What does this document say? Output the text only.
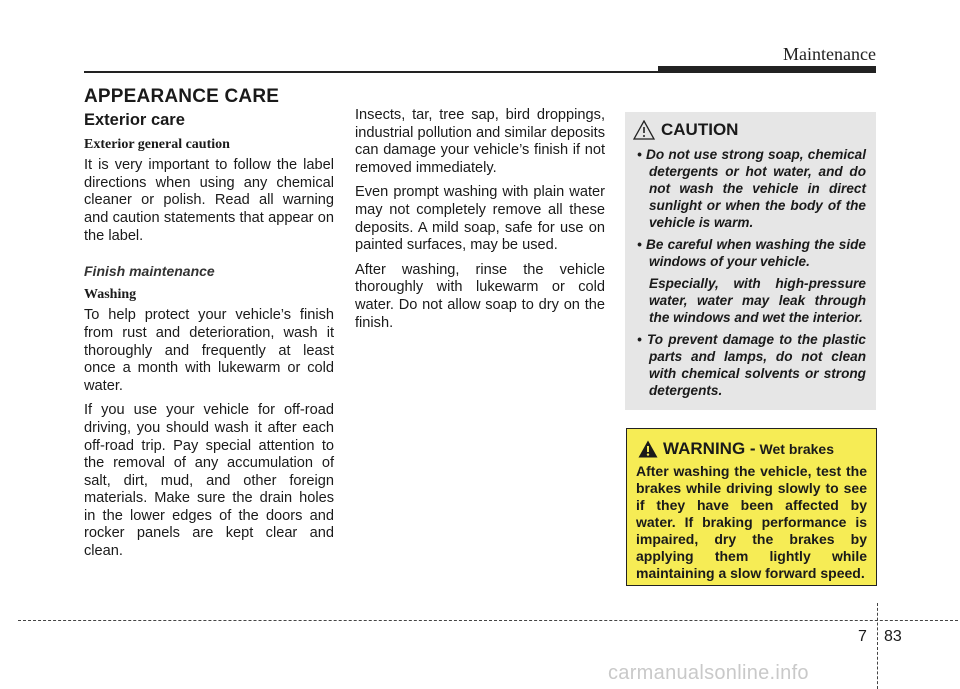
Maintenance
APPEARANCE CARE
Exterior care
Exterior general caution

It is very important to follow the label directions when using any chemical cleaner or polish. Read all warning and caution statements that appear on the label.

Finish maintenance
Washing

To help protect your vehicle’s finish from rust and deterioration, wash it thoroughly and frequently at least once a month with lukewarm or cold water.

If you use your vehicle for off-road driving, you should wash it after each off-road trip. Pay special attention to the removal of any accumulation of salt, dirt, mud, and other foreign materials. Make sure the drain holes in the lower edges of the doors and rocker panels are kept clear and clean.

Insects, tar, tree sap, bird droppings, industrial pollution and similar deposits can damage your vehicle’s finish if not removed immediately.

Even prompt washing with plain water may not completely remove all these deposits. A mild soap, safe for use on painted surfaces, may be used.

After washing, rinse the vehicle thoroughly with lukewarm or cold water. Do not allow soap to dry on the finish.

CAUTION
• Do not use strong soap, chemical detergents or hot water, and do not wash the vehicle in direct sunlight or when the body of the vehicle is warm.
• Be careful when washing the side windows of your vehicle.
Especially, with high-pressure water, water may leak through the windows and wet the interior.
• To prevent damage to the plastic parts and lamps, do not clean with chemical solvents or strong detergents.
WARNING - Wet brakes
After washing the vehicle, test the brakes while driving slowly to see if they have been affected by water. If braking performance is impaired, dry the brakes by applying them lightly while maintaining a slow forward speed.
7 83
carmanualsonline.info
